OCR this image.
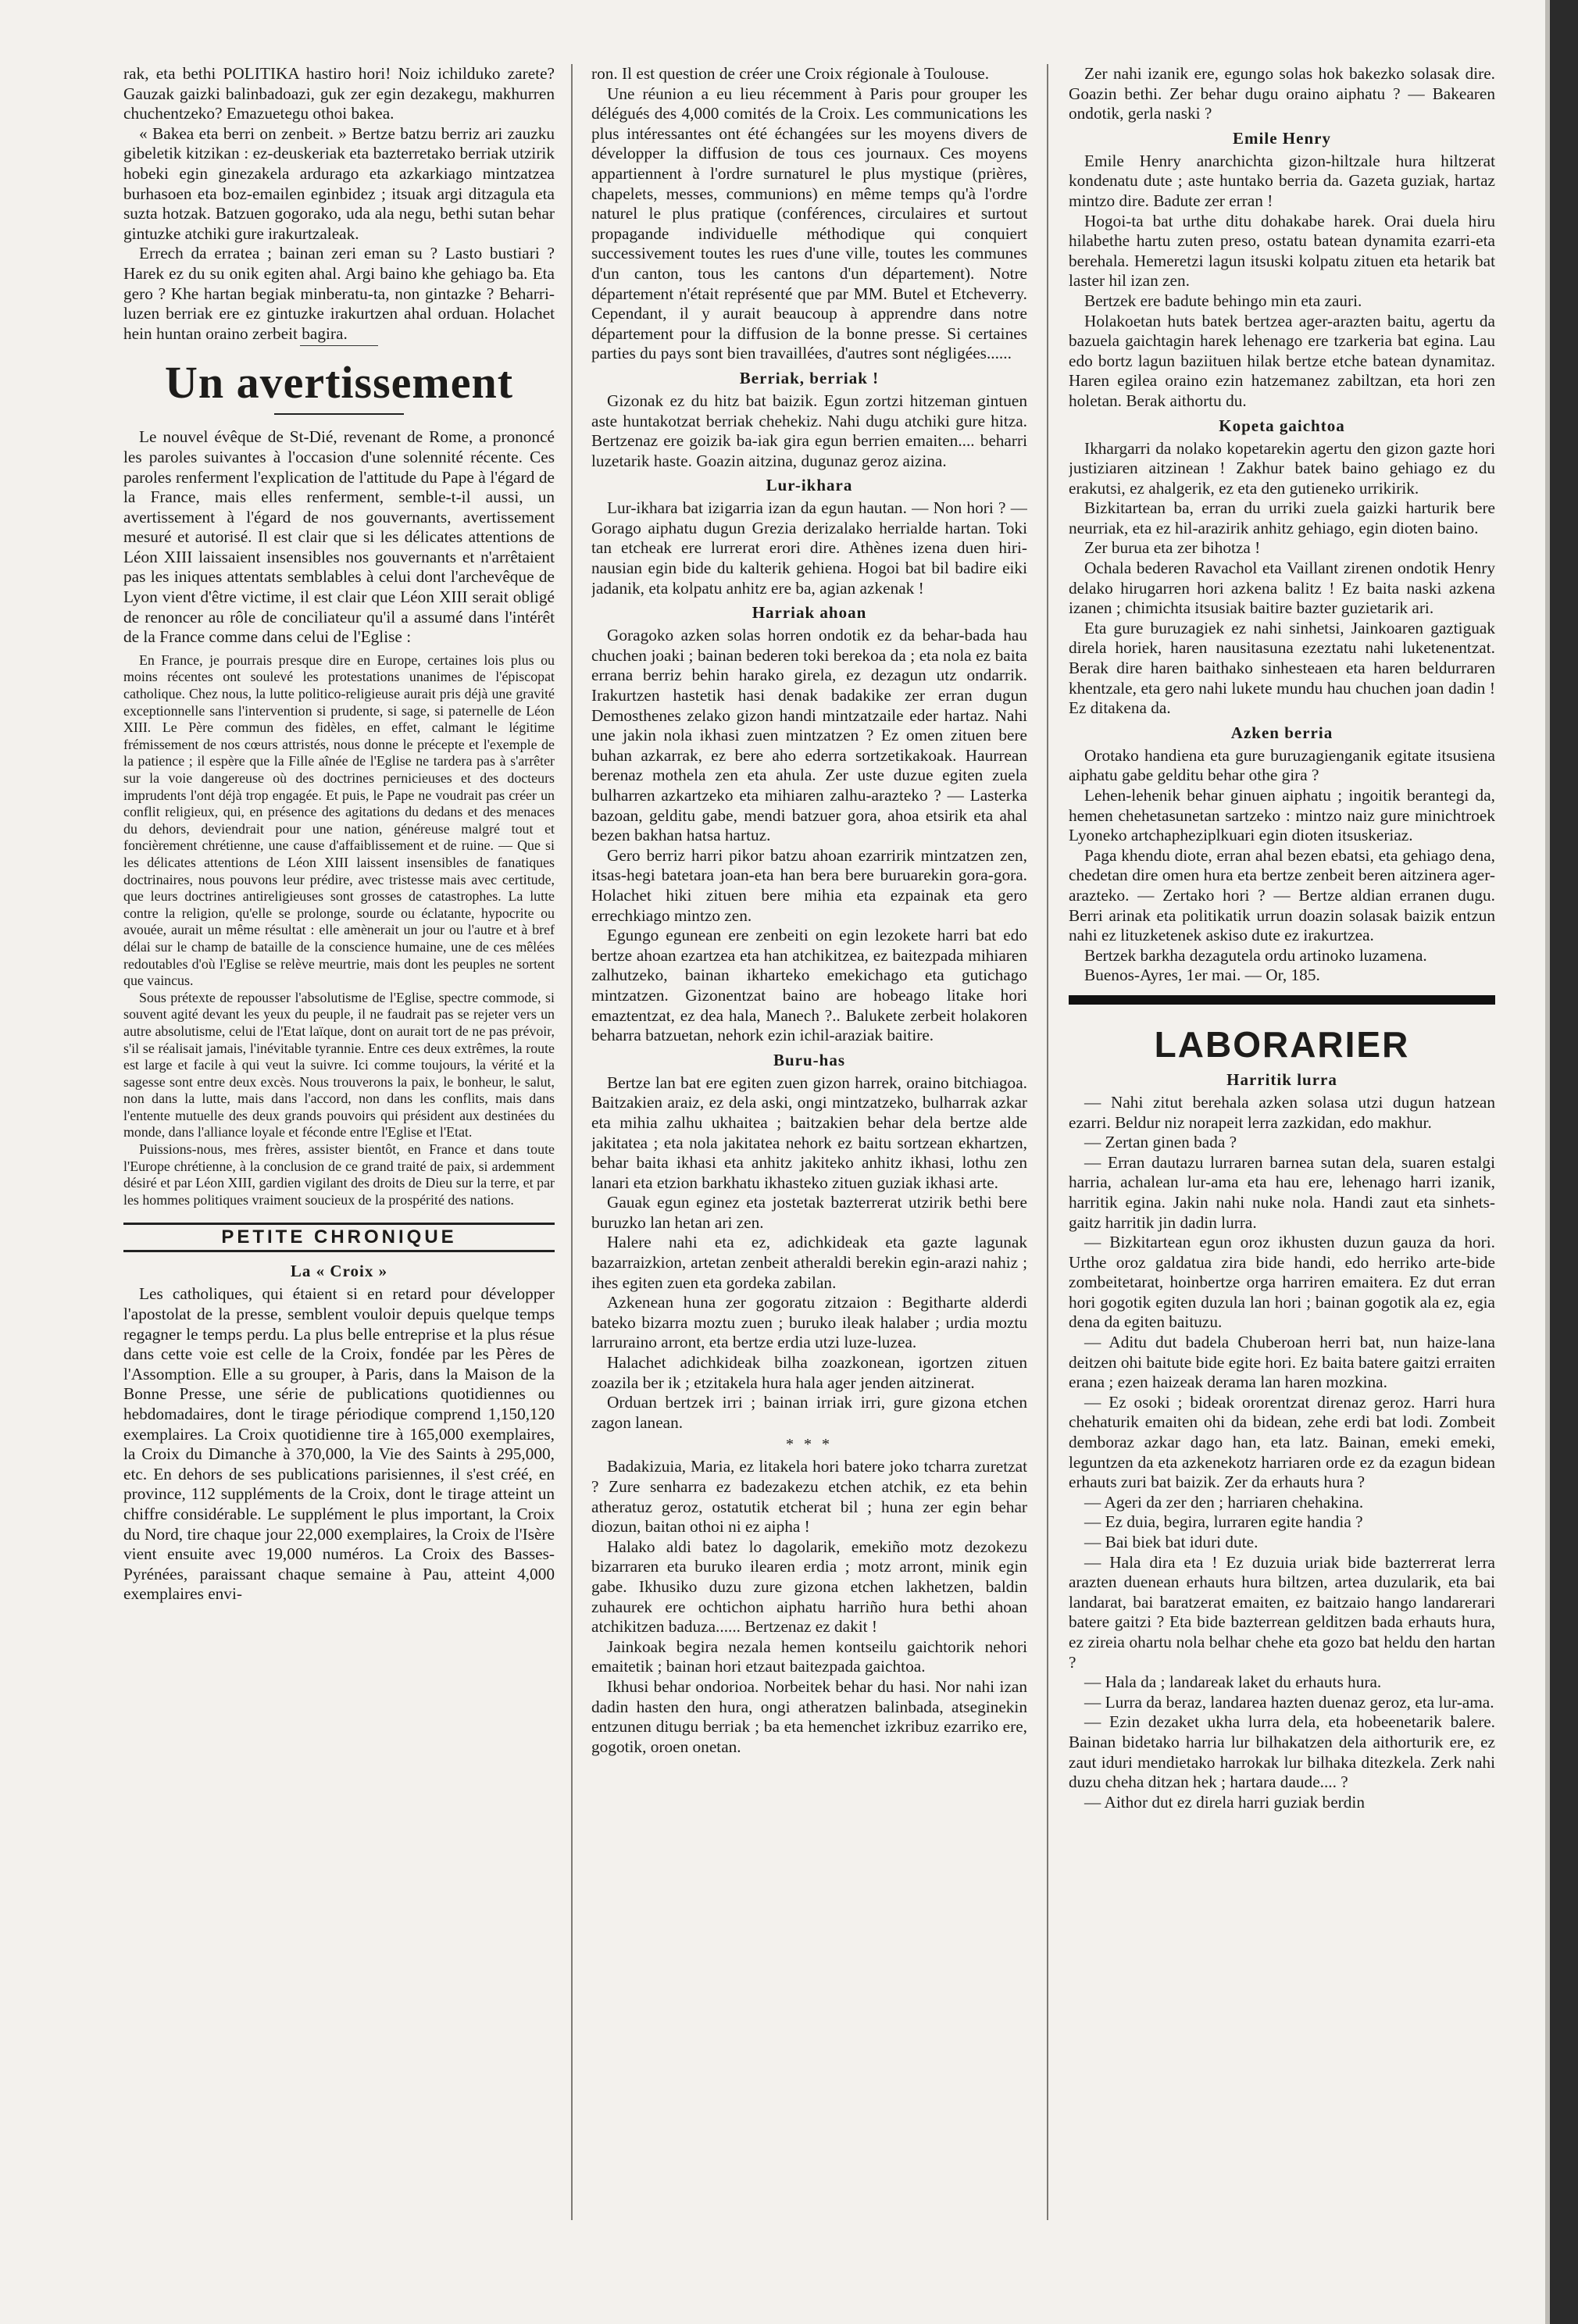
rak, eta bethi POLITIKA hastiro hori! Noiz ichilduko zarete? Gauzak gaizki balinbadoazi, guk zer egin dezakegu, makhurren chuchentzeko? Emazuetegu othoi bakea.

« Bakea eta berri on zenbeit. » Bertze batzu berriz ari zauzku gibeletik kitzikan : ez-deuskeriak eta bazterretako berriak utzirik hobeki egin ginezakela ardurago eta azkarkiago mintzatzea burhasoen eta boz-emailen eginbidez ; itsuak argi ditzagula eta suzta hotzak. Batzuen gogorako, uda ala negu, bethi sutan behar gintuzke atchiki gure irakurtzaleak.

Errech da erratea ; bainan zeri eman su ? Lasto bustiari ? Harek ez du su onik egiten ahal. Argi baino khe gehiago ba. Eta gero ? Khe hartan begiak minberatu-ta, non gintazke ? Beharri-luzen berriak ere ez gintuzke irakurtzen ahal orduan. Holachet hein huntan oraino zerbeit bagira.

Un avertissement

Le nouvel évêque de St-Dié, revenant de Rome, a prononcé les paroles suivantes à l'occasion d'une solennité récente. Ces paroles renferment l'explication de l'attitude du Pape à l'égard de la France, mais elles renferment, semble-t-il aussi, un avertissement à l'égard de nos gouvernants, avertissement mesuré et autorisé. Il est clair que si les délicates attentions de Léon XIII laissaient insensibles nos gouvernants et n'arrêtaient pas les iniques attentats semblables à celui dont l'archevêque de Lyon vient d'être victime, il est clair que Léon XIII serait obligé de renoncer au rôle de conciliateur qu'il a assumé dans l'intérêt de la France comme dans celui de l'Eglise :

En France, je pourrais presque dire en Europe, certaines lois plus ou moins récentes ont soulevé les protestations unanimes de l'épiscopat catholique. Chez nous, la lutte politico-religieuse aurait pris déjà une gravité exceptionnelle sans l'intervention si prudente, si sage, si paternelle de Léon XIII. Le Père commun des fidèles, en effet, calmant le légitime frémissement de nos cœurs attristés, nous donne le précepte et l'exemple de la patience ; il espère que la Fille aînée de l'Eglise ne tardera pas à s'arrêter sur la voie dangereuse où des doctrines pernicieuses et des docteurs imprudents l'ont déjà trop engagée. Et puis, le Pape ne voudrait pas créer un conflit religieux, qui, en présence des agitations du dedans et des menaces du dehors, deviendrait pour une nation, généreuse malgré tout et foncièrement chrétienne, une cause d'affaiblissement et de ruine. — Que si les délicates attentions de Léon XIII laissent insensibles de fanatiques doctrinaires, nous pouvons leur prédire, avec tristesse mais avec certitude, que leurs doctrines antireligieuses sont grosses de catastrophes. La lutte contre la religion, qu'elle se prolonge, sourde ou éclatante, hypocrite ou avouée, aurait un même résultat : elle amènerait un jour ou l'autre et à bref délai sur le champ de bataille de la conscience humaine, une de ces mêlées redoutables d'où l'Eglise se relève meurtrie, mais dont les peuples ne sortent que vaincus.

Sous prétexte de repousser l'absolutisme de l'Eglise, spectre commode, si souvent agité devant les yeux du peuple, il ne faudrait pas se rejeter vers un autre absolutisme, celui de l'Etat laïque, dont on aurait tort de ne pas prévoir, s'il se réalisait jamais, l'inévitable tyrannie. Entre ces deux extrêmes, la route est large et facile à qui veut la suivre. Ici comme toujours, la vérité et la sagesse sont entre deux excès. Nous trouverons la paix, le bonheur, le salut, non dans la lutte, mais dans l'accord, non dans les conflits, mais dans l'entente mutuelle des deux grands pouvoirs qui président aux destinées du monde, dans l'alliance loyale et féconde entre l'Eglise et l'Etat.

Puissions-nous, mes frères, assister bientôt, en France et dans toute l'Europe chrétienne, à la conclusion de ce grand traité de paix, si ardemment désiré et par Léon XIII, gardien vigilant des droits de Dieu sur la terre, et par les hommes politiques vraiment soucieux de la prospérité des nations.

PETITE CHRONIQUE
La « Croix »

Les catholiques, qui étaient si en retard pour développer l'apostolat de la presse, semblent vouloir depuis quelque temps regagner le temps perdu. La plus belle entreprise et la plus résue dans cette voie est celle de la Croix, fondée par les Pères de l'Assomption. Elle a su grouper, à Paris, dans la Maison de la Bonne Presse, une série de publications quotidiennes ou hebdomadaires, dont le tirage périodique comprend 1,150,120 exemplaires. La Croix quotidienne tire à 165,000 exemplaires, la Croix du Dimanche à 370,000, la Vie des Saints à 295,000, etc. En dehors de ses publications parisiennes, il s'est créé, en province, 112 suppléments de la Croix, dont le tirage atteint un chiffre considérable. Le supplément le plus important, la Croix du Nord, tire chaque jour 22,000 exemplaires, la Croix de l'Isère vient ensuite avec 19,000 numéros. La Croix des Basses-Pyrénées, paraissant chaque semaine à Pau, atteint 4,000 exemplaires envi-

ron. Il est question de créer une Croix régionale à Toulouse.

Une réunion a eu lieu récemment à Paris pour grouper les délégués des 4,000 comités de la Croix. Les communications les plus intéressantes ont été échangées sur les moyens divers de développer la diffusion de tous ces journaux. Ces moyens appartiennent à l'ordre surnaturel le plus mystique (prières, chapelets, messes, communions) en même temps qu'à l'ordre naturel le plus pratique (conférences, circulaires et surtout propagande individuelle méthodique qui conquiert successivement toutes les rues d'une ville, toutes les communes d'un canton, tous les cantons d'un département). Notre département n'était représenté que par MM. Butel et Etcheverry. Cependant, il y aurait beaucoup à apprendre dans notre département pour la diffusion de la bonne presse. Si certaines parties du pays sont bien travaillées, d'autres sont négligées......

Berriak, berriak !

Gizonak ez du hitz bat baizik. Egun zortzi hitzeman gintuen aste huntakotzat berriak chehekiz. Nahi dugu atchiki gure hitza. Bertzenaz ere goizik ba-iak gira egun berrien emaiten.... beharri luzetarik haste. Goazin aitzina, dugunaz geroz aizina.

Lur-ikhara

Lur-ikhara bat izigarria izan da egun hautan. — Non hori ? — Gorago aiphatu dugun Grezia derizalako herrialde hartan. Toki tan etcheak ere lurrerat erori dire. Athènes izena duen hiri-nausian egin bide du kalterik gehiena. Hogoi bat bil badire eiki jadanik, eta kolpatu anhitz ere ba, agian azkenak !

Harriak ahoan

Goragoko azken solas horren ondotik ez da behar-bada hau chuchen joaki ; bainan bederen toki berekoa da ; eta nola ez baita errana berriz behin harako girela, ez dezagun utz ondarrik. Irakurtzen hastetik hasi denak badakike zer erran dugun Demosthenes zelako gizon handi mintzatzaile eder hartaz. Nahi une jakin nola ikhasi zuen mintzatzen ? Ez omen zituen bere buhan azkarrak, ez bere aho ederra sortzetikakoak. Haurrean berenaz mothela zen eta ahula. Zer uste duzue egiten zuela bulharren azkartzeko eta mihiaren zalhu-arazteko ? — Lasterka bazoan, gelditu gabe, mendi batzuer gora, ahoa etsirik eta ahal bezen bakhan hatsa hartuz.

Gero berriz harri pikor batzu ahoan ezarririk mintzatzen zen, itsas-hegi batetara joan-eta han bera bere buruarekin gora-gora. Holachet hiki zituen bere mihia eta ezpainak eta gero errechkiago mintzo zen.

Egungo egunean ere zenbeiti on egin lezokete harri bat edo bertze ahoan ezartzea eta han atchikitzea, ez baitezpada mihiaren zalhutzeko, bainan ikharteko emekichago eta gutichago mintzatzen. Gizonentzat baino are hobeago litake hori emaztentzat, ez dea hala, Manech ?.. Balukete zerbeit holakoren beharra batzuetan, nehork ezin ichil-araziak baitire.

Buru-has

Bertze lan bat ere egiten zuen gizon harrek, oraino bitchiagoa. Baitzakien araiz, ez dela aski, ongi mintzatzeko, bulharrak azkar eta mihia zalhu ukhaitea ; baitzakien behar dela bertze alde jakitatea ; eta nola jakitatea nehork ez baitu sortzean ekhartzen, behar baita ikhasi eta anhitz jakiteko anhitz ikhasi, lothu zen lanari eta etzion barkhatu ikhasteko zituen guziak ikhasi arte.

Gauak egun eginez eta jostetak bazterrerat utzirik bethi bere buruzko lan hetan ari zen.

Halere nahi eta ez, adichkideak eta gazte lagunak bazarraizkion, artetan zenbeit atheraldi berekin egin-arazi nahiz ; ihes egiten zuen eta gordeka zabilan.

Azkenean huna zer gogoratu zitzaion : Begitharte alderdi bateko bizarra moztu zuen ; buruko ileak halaber ; urdia moztu larruraino arront, eta bertze erdia utzi luze-luzea.

Halachet adichkideak bilha zoazkonean, igortzen zituen zoazila ber ik ; etzitakela hura hala ager jenden aitzinerat.

Orduan bertzek irri ; bainan irriak irri, gure gizona etchen zagon lanean.

* * *

Badakizuia, Maria, ez litakela hori batere joko tcharra zuretzat ? Zure senharra ez badezakezu etchen atchik, ez eta behin atheratuz geroz, ostatutik etcherat bil ; huna zer egin behar diozun, baitan othoi ni ez aipha !

Halako aldi batez lo dagolarik, emekiño motz dezokezu bizarraren eta buruko ilearen erdia ; motz arront, minik egin gabe. Ikhusiko duzu zure gizona etchen lakhetzen, baldin zuhaurek ere ochtichon aiphatu harriño hura bethi ahoan atchikitzen baduza...... Bertzenaz ez dakit !

Jainkoak begira nezala hemen kontseilu gaichtorik nehori emaitetik ; bainan hori etzaut baitezpada gaichtoa.

Ikhusi behar ondorioa. Norbeitek behar du hasi. Nor nahi izan dadin hasten den hura, ongi atheratzen balinbada, atseginekin entzunen ditugu berriak ; ba eta hemenchet izkribuz ezarriko ere, gogotik, oroen onetan.

Zer nahi izanik ere, egungo solas hok bakezko solasak dire. Goazin bethi. Zer behar dugu oraino aiphatu ? — Bakearen ondotik, gerla naski ?

Emile Henry

Emile Henry anarchichta gizon-hiltzale hura hiltzerat kondenatu dute ; aste huntako berria da. Gazeta guziak, hartaz mintzo dire. Badute zer erran !

Hogoi-ta bat urthe ditu dohakabe harek. Orai duela hiru hilabethe hartu zuten preso, ostatu batean dynamita ezarri-eta berehala. Hemeretzi lagun itsuski kolpatu zituen eta hetarik bat laster hil izan zen.

Bertzek ere badute behingo min eta zauri.

Holakoetan huts batek bertzea ager-arazten baitu, agertu da bazuela gaichtagin harek lehenago ere tzarkeria bat egina. Lau edo bortz lagun baziituen hilak bertze etche batean dynamitaz. Haren egilea oraino ezin hatzemanez zabiltzan, eta hori zen holetan. Berak aithortu du.

Kopeta gaichtoa

Ikhargarri da nolako kopetarekin agertu den gizon gazte hori justiziaren aitzinean ! Zakhur batek baino gehiago ez du erakutsi, ez ahalgerik, ez eta den gutieneko urrikirik.

Bizkitartean ba, erran du urriki zuela gaizki harturik bere neurriak, eta ez hil-arazirik anhitz gehiago, egin dioten baino.

Zer burua eta zer bihotza !

Ochala bederen Ravachol eta Vaillant zirenen ondotik Henry delako hirugarren hori azkena balitz ! Ez baita naski azkena izanen ; chimichta itsusiak baitire bazter guzietarik ari.

Eta gure buruzagiek ez nahi sinhetsi, Jainkoaren gaztiguak direla horiek, haren nausitasuna ezeztatu nahi luketenentzat. Berak dire haren baithako sinhesteaen eta haren beldurraren khentzale, eta gero nahi lukete mundu hau chuchen joan dadin ! Ez ditakena da.

Azken berria

Orotako handiena eta gure buruzagienganik egitate itsusiena aiphatu gabe gelditu behar othe gira ?

Lehen-lehenik behar ginuen aiphatu ; ingoitik berantegi da, hemen chehetasunetan sartzeko : mintzo naiz gure minichtroek Lyoneko artchapheziplkuari egin dioten itsuskeriaz.

Paga khendu diote, erran ahal bezen ebatsi, eta gehiago dena, chedetan dire omen hura eta bertze zenbeit beren aitzinera ager-arazteko. — Zertako hori ? — Bertze aldian erranen dugu. Berri arinak eta politikatik urrun doazin solasak baizik entzun nahi ez lituzketenek askiso dute ez irakurtzea.

Bertzek barkha dezagutela ordu artinoko luzamena.

Buenos-Ayres, 1er mai. — Or, 185.

LABORARIER
Harritik lurra

— Nahi zitut berehala azken solasa utzi dugun hatzean ezarri. Beldur niz norapeit lerra zazkidan, edo makhur.

— Zertan ginen bada ?

— Erran dautazu lurraren barnea sutan dela, suaren estalgi harria, achalean lur-ama eta hau ere, lehenago harri izanik, harritik egina. Jakin nahi nuke nola. Handi zaut eta sinhets-gaitz harritik jin dadin lurra.

— Bizkitartean egun oroz ikhusten duzun gauza da hori. Urthe oroz galdatua zira bide handi, edo herriko arte-bide zombeitetarat, hoinbertze orga harriren emaitera. Ez dut erran hori gogotik egiten duzula lan hori ; bainan gogotik ala ez, egia dena da egiten baituzu.

— Aditu dut badela Chuberoan herri bat, nun haize-lana deitzen ohi baitute bide egite hori. Ez baita batere gaitzi erraiten erana ; ezen haizeak derama lan haren mozkina.

— Ez osoki ; bideak ororentzat direnaz geroz. Harri hura chehaturik emaiten ohi da bidean, zehe erdi bat lodi. Zombeit demboraz azkar dago han, eta latz. Bainan, emeki emeki, leguntzen da eta azkenekotz harriaren orde ez da ezagun bidean erhauts zuri bat baizik. Zer da erhauts hura ?

— Ageri da zer den ; harriaren chehakina.

— Ez duia, begira, lurraren egite handia ?

— Bai biek bat iduri dute.

— Hala dira eta ! Ez duzuia uriak bide bazterrerat lerra arazten duenean erhauts hura biltzen, artea duzularik, eta bai landarat, bai baratzerat emaiten, ez baitzaio hango landarerari batere gaitzi ? Eta bide bazterrean gelditzen bada erhauts hura, ez zireia ohartu nola belhar chehe eta gozo bat heldu den hartan ?

— Hala da ; landareak laket du erhauts hura.

— Lurra da beraz, landarea hazten duenaz geroz, eta lur-ama.

— Ezin dezaket ukha lurra dela, eta hobeenetarik balere. Bainan bidetako harria lur bilhakatzen dela aithorturik ere, ez zaut iduri mendietako harrokak lur bilhaka ditezkela. Zerk nahi duzu cheha ditzan hek ; hartara daude.... ?

— Aithor dut ez direla harri guziak berdin
